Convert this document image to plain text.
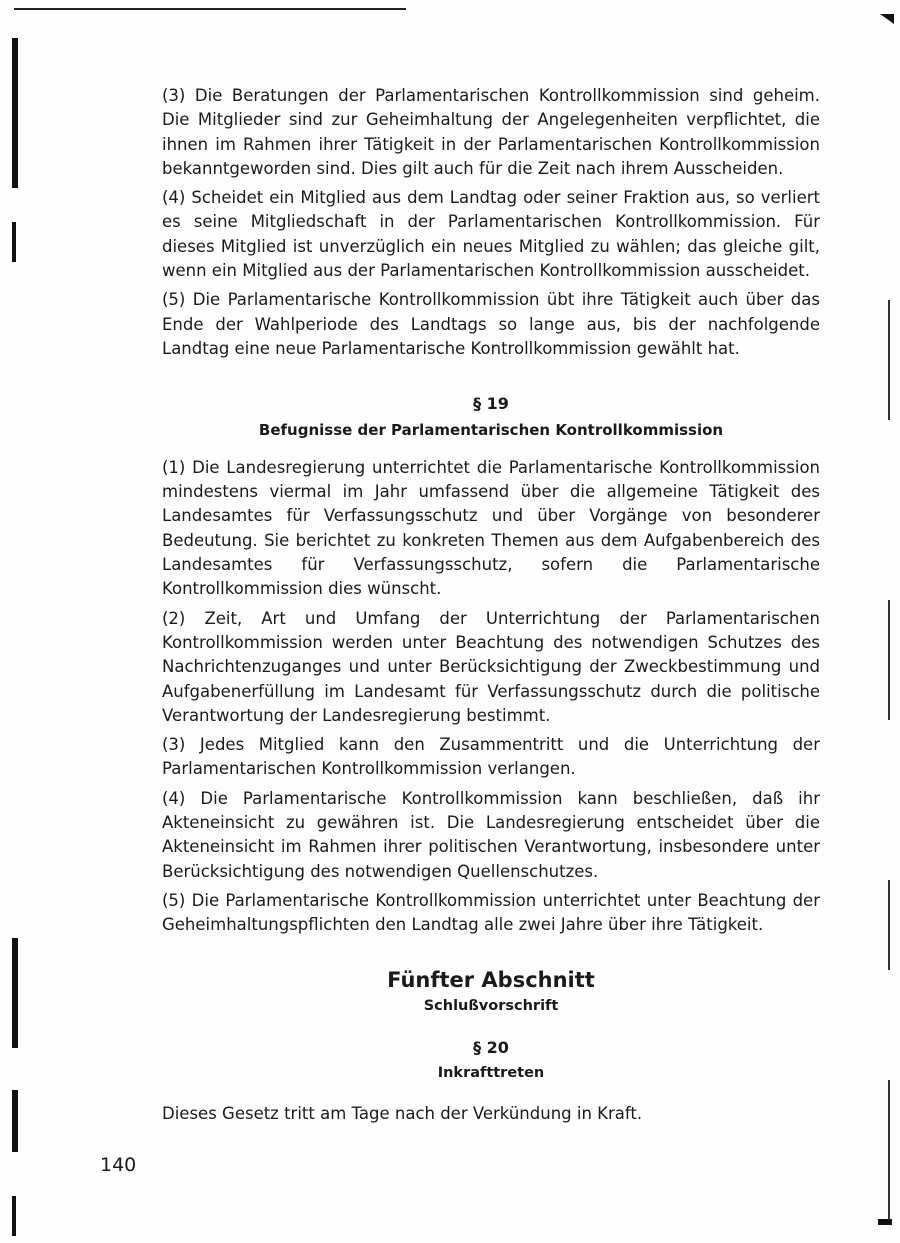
(3) Die Beratungen der Parlamentarischen Kontrollkommission sind geheim. Die Mitglieder sind zur Geheimhaltung der Angelegenheiten verpflichtet, die ihnen im Rahmen ihrer Tätigkeit in der Parlamentarischen Kontrollkommission bekanntgeworden sind. Dies gilt auch für die Zeit nach ihrem Ausscheiden.

(4) Scheidet ein Mitglied aus dem Landtag oder seiner Fraktion aus, so verliert es seine Mitgliedschaft in der Parlamentarischen Kontrollkommission. Für dieses Mitglied ist unverzüglich ein neues Mitglied zu wählen; das gleiche gilt, wenn ein Mitglied aus der Parlamentarischen Kontrollkommission ausscheidet.

(5) Die Parlamentarische Kontrollkommission übt ihre Tätigkeit auch über das Ende der Wahlperiode des Landtags so lange aus, bis der nachfolgende Landtag eine neue Parlamentarische Kontrollkommission gewählt hat.

§ 19
Befugnisse der Parlamentarischen Kontrollkommission

(1) Die Landesregierung unterrichtet die Parlamentarische Kontrollkommission mindestens viermal im Jahr umfassend über die allgemeine Tätigkeit des Landesamtes für Verfassungsschutz und über Vorgänge von besonderer Bedeutung. Sie berichtet zu konkreten Themen aus dem Aufgabenbereich des Landesamtes für Verfassungsschutz, sofern die Parlamentarische Kontrollkommission dies wünscht.

(2) Zeit, Art und Umfang der Unterrichtung der Parlamentarischen Kontrollkommission werden unter Beachtung des notwendigen Schutzes des Nachrichtenzuganges und unter Berücksichtigung der Zweckbestimmung und Aufgabenerfüllung im Landesamt für Verfassungsschutz durch die politische Verantwortung der Landesregierung bestimmt.

(3) Jedes Mitglied kann den Zusammentritt und die Unterrichtung der Parlamentarischen Kontrollkommission verlangen.

(4) Die Parlamentarische Kontrollkommission kann beschließen, daß ihr Akteneinsicht zu gewähren ist. Die Landesregierung entscheidet über die Akteneinsicht im Rahmen ihrer politischen Verantwortung, insbesondere unter Berücksichtigung des notwendigen Quellenschutzes.

(5) Die Parlamentarische Kontrollkommission unterrichtet unter Beachtung der Geheimhaltungspflichten den Landtag alle zwei Jahre über ihre Tätigkeit.

Fünfter Abschnitt
Schlußvorschrift
§ 20
Inkrafttreten

Dieses Gesetz tritt am Tage nach der Verkündung in Kraft.

140
